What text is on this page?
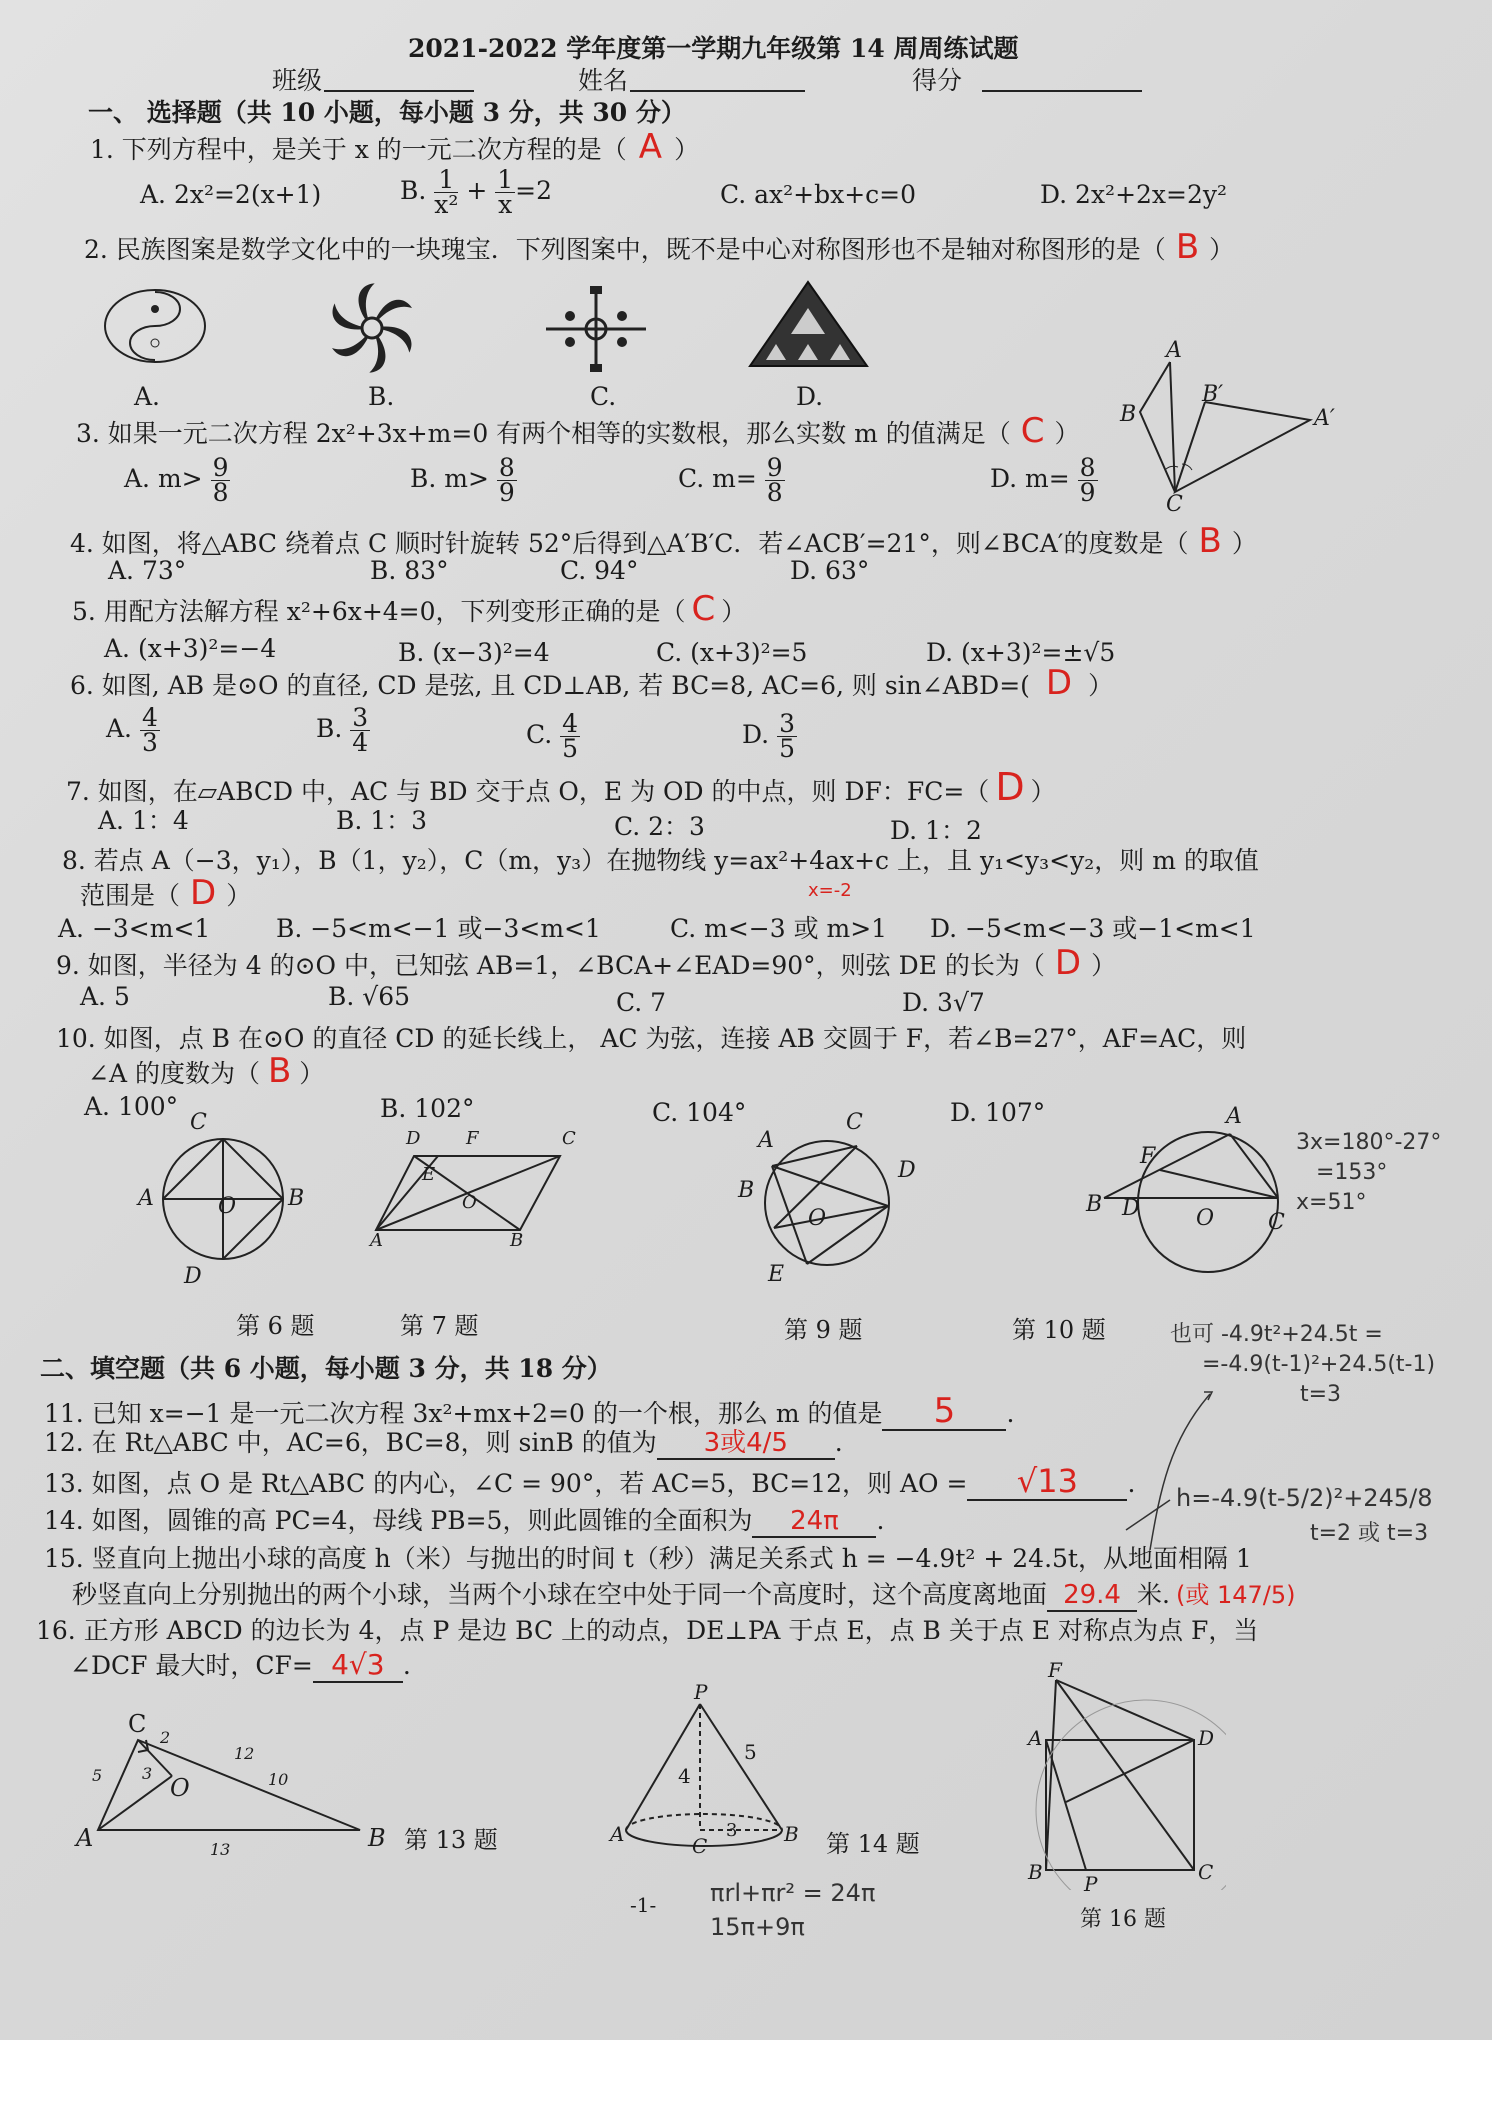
2021-2022 学年度第一学期九年级第 14 周周练试题
班级	姓名	得分
一、 选择题（共 10 小题，每小题 3 分，共 30 分）
1. 下列方程中，是关于 x 的一元二次方程的是（ A ）
A. 2x²=2(x+1)	B. $\frac{1}{\text{x²}} + \frac{1}{x} =2$	C. ax²+bx+c=0	D. 2x²+2x=2y²
2. 民族图案是数学文化中的一块瑰宝．下列图案中，既不是中心对称图形也不是轴对称图形的是（ B ）
A.	B.	C.	D.
3. 如果一元二次方程 2x²+3x+m=0 有两个相等的实数根，那么实数 m 的值满足（ C ）
A. $m> \frac{9}{8}$	B. $m> \frac{8}{9}$	C. $m= \frac{9}{8}$	D. $m= \frac{8}{9}$
A
B
B′
A′
C
4. 如图，将△ABC 绕着点 C 顺时针旋转 52°后得到△A′B′C．若∠ACB′=21°，则∠BCA′的度数是（ B ）
A. 73°	B. 83°	C. 94°	D. 63°
5. 用配方法解方程 x²+6x+4=0，下列变形正确的是（ C ）
A. (x+3)²=−4	B. (x−3)²=4	C. (x+3)²=5	D. (x+3)²=±√5
6. 如图, AB 是⊙O 的直径, CD 是弦, 且 CD⊥AB, 若 BC=8, AC=6, 则 sin∠ABD=( D ）
A. $\frac{4}{3}$	B. $\frac{3}{4}$	C. $\frac{4}{5}$	D. $\frac{3}{5}$
7. 如图，在▱ABCD 中，AC 与 BD 交于点 O，E 为 OD 的中点，则 DF：FC=（ D ）
A. 1：4	B. 1：3	C. 2：3	D. 1：2
8. 若点 A（−3，y₁），B（1，y₂），C（m，y₃）在抛物线 y=ax²+4ax+c 上，且 y₁<y₃<y₂，则 m 的取值
x=-2
范围是（ D ）
A. −3<m<1	B. −5<m<−1 或−3<m<1	C. m<−3 或 m>1 D. −5<m<−3 或−1<m<1
9. 如图，半径为 4 的⊙O 中，已知弦 AB=1，∠BCA+∠EAD=90°，则弦 DE 的长为（ D ）
A. 5	B. √65	C. 7	D. 3√7
10. 如图，点 B 在⊙O 的直径 CD 的延长线上， AC 为弦，连接 AB 交圆于 F，若∠B=27°，AF=AC，则
∠A 的度数为（ B ）
A. 100°	B. 102°	C. 104°	D. 107°
3x=180°-27°
=153°
x=51°
C
A	O B
D
第 6 题
D	F	C
E
O
A	B
第 7 题
A
C
D
B
O
E
第 9 题
F
A
B D	O C
第 10 题
二、填空题（共 6 小题，每小题 3 分，共 18 分）
11. 已知 x=−1 是一元二次方程 3x²+mx+2=0 的一个根，那么 m 的值是 5 .
12. 在 Rt△ABC 中，AC=6，BC=8，则 sinB 的值为 3或4/5 .
13. 如图，点 O 是 Rt△ABC 的内心，∠C = 90°，若 AC=5，BC=12，则 AO = √13 .
14. 如图，圆锥的高 PC=4，母线 PB=5，则此圆锥的全面积为 24π .
15. 竖直向上抛出小球的高度 h（米）与抛出的时间 t（秒）满足关系式 h = −4.9t² + 24.5t，从地面相隔 1
秒竖直向上分别抛出的两个小球，当两个小球在空中处于同一个高度时，这个高度离地面 29.4 米. (或 147/5)
16. 正方形 ABCD 的边长为 4，点 P 是边 BC 上的动点，DE⊥PA 于点 E，点 B 关于点 E 对称点为点 F，当
∠DCF 最大时，CF= 4√3 .
也可 -4.9t²+24.5t =
=-4.9(t-1)²+24.5(t-1)
t=3
h=-4.9(t-5/2)²+245/8
t=2 或 t=3
C
A	B
O
2
12
10
3
5
13	第 13 题
P
A	B
C
5
4
3	第 14 题
F
A	D
B	C
P
第 16 题
-1- πrl+πr² = 24π
15π+9π
